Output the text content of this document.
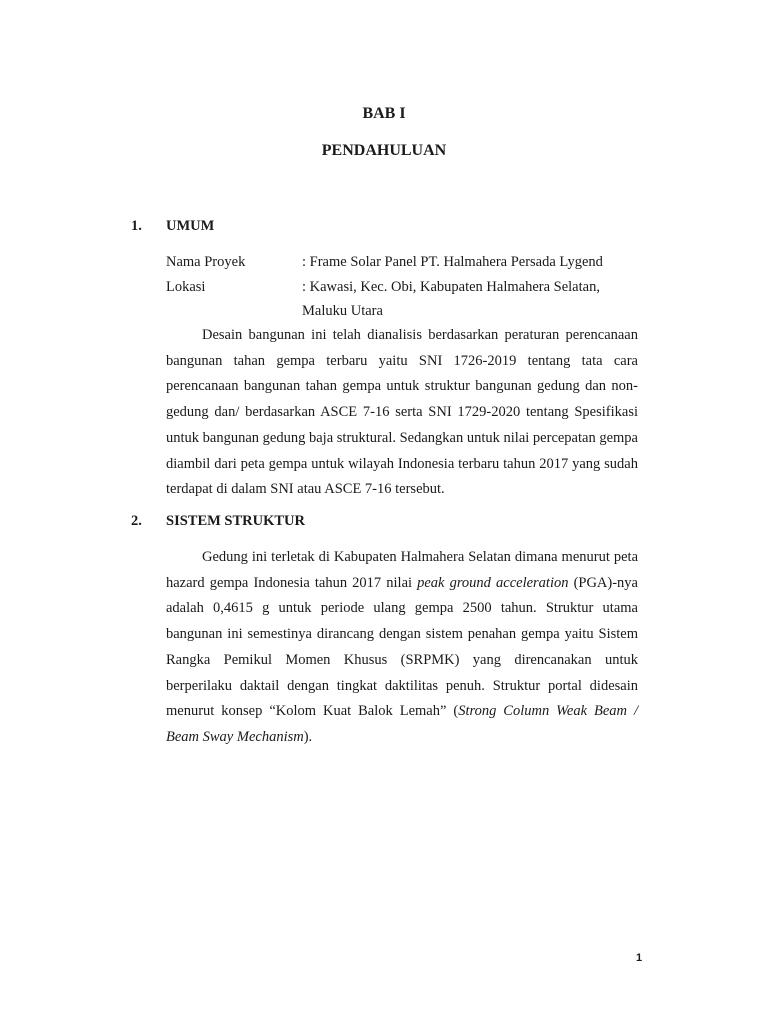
BAB I
PENDAHULUAN
1. UMUM
Nama Proyek	: Frame Solar Panel PT. Halmahera Persada Lygend
Lokasi	: Kawasi, Kec. Obi, Kabupaten Halmahera Selatan,
Maluku Utara

Desain bangunan ini telah dianalisis berdasarkan peraturan perencanaan bangunan tahan gempa terbaru yaitu SNI 1726-2019 tentang tata cara perencanaan bangunan tahan gempa untuk struktur bangunan gedung dan non-gedung dan/ berdasarkan ASCE 7-16 serta SNI 1729-2020 tentang Spesifikasi untuk bangunan gedung baja struktural. Sedangkan untuk nilai percepatan gempa diambil dari peta gempa untuk wilayah Indonesia terbaru tahun 2017 yang sudah terdapat di dalam SNI atau ASCE 7-16 tersebut.

2. SISTEM STRUKTUR

Gedung ini terletak di Kabupaten Halmahera Selatan dimana menurut peta hazard gempa Indonesia tahun 2017 nilai peak ground acceleration (PGA)-nya adalah 0,4615 g untuk periode ulang gempa 2500 tahun. Struktur utama bangunan ini semestinya dirancang dengan sistem penahan gempa yaitu Sistem Rangka Pemikul Momen Khusus (SRPMK) yang direncanakan untuk berperilaku daktail dengan tingkat daktilitas penuh. Struktur portal didesain menurut konsep “Kolom Kuat Balok Lemah” (Strong Column Weak Beam / Beam Sway Mechanism).

1
